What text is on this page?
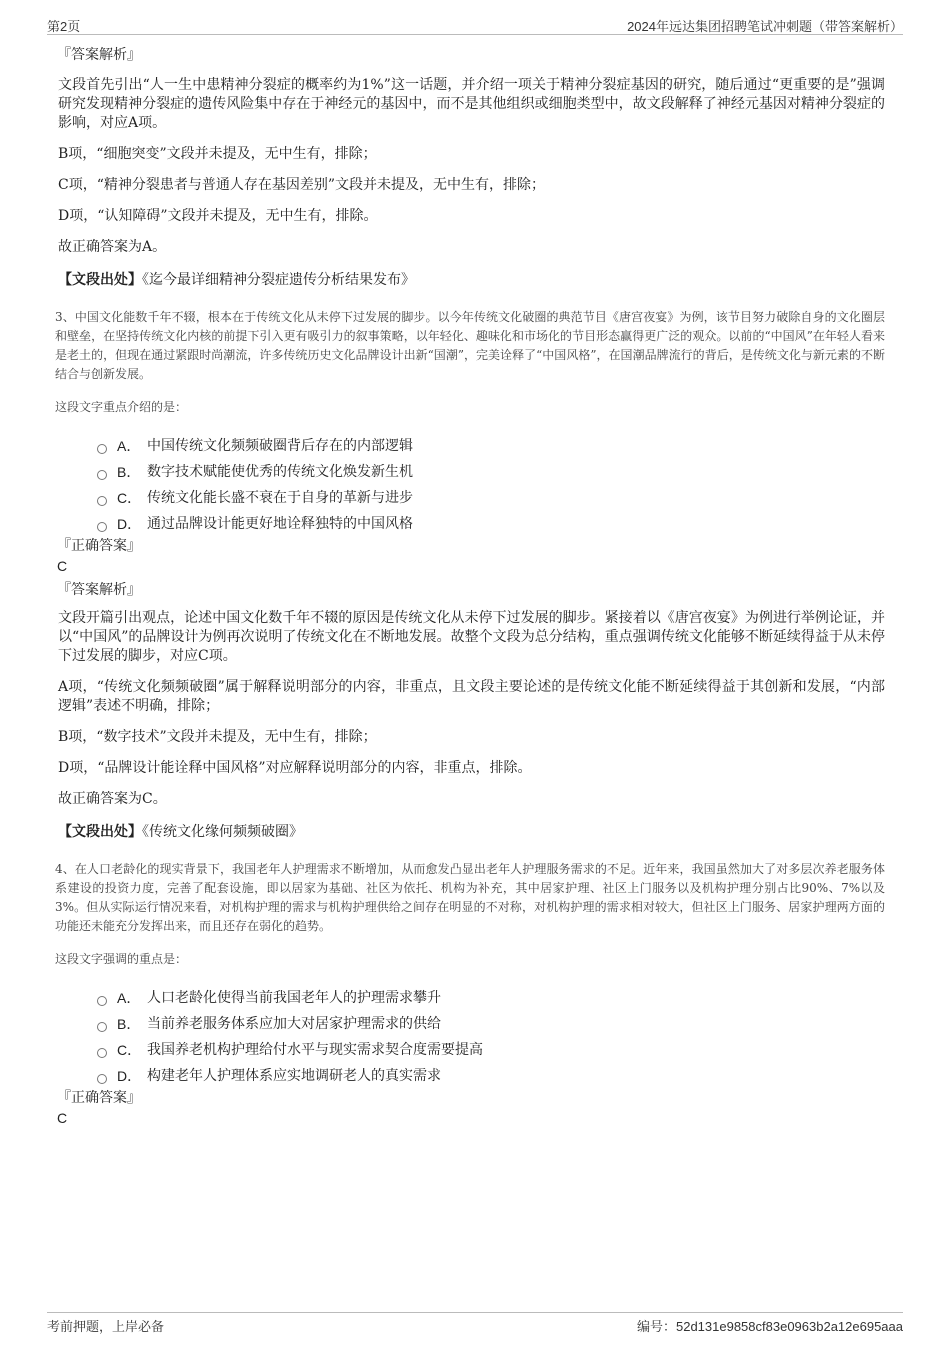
第2页	2024年远达集团招聘笔试冲刺题（带答案解析）
『答案解析』
文段首先引出“人一生中患精神分裂症的概率约为1%”这一话题，并介绍一项关于精神分裂症基因的研究，随后通过“更重要的是”强调研究发现精神分裂症的遗传风险集中存在于神经元的基因中，而不是其他组织或细胞类型中，故文段解释了神经元基因对精神分裂症的影响，对应A项。
B项，“细胞突变”文段并未提及，无中生有，排除；
C项，“精神分裂患者与普通人存在基因差别”文段并未提及，无中生有，排除；
D项，“认知障碍”文段并未提及，无中生有，排除。
故正确答案为A。
【文段出处】《迄今最详细精神分裂症遗传分析结果发布》
3、中国文化能数千年不辍，根本在于传统文化从未停下过发展的脚步。以今年传统文化破圈的典范节目《唐宫夜宴》为例，该节目努力破除自身的文化圈层和壁垒，在坚持传统文化内核的前提下引入更有吸引力的叙事策略，以年轻化、趣味化和市场化的节目形态赢得更广泛的观众。以前的“中国风”在年轻人看来是老土的，但现在通过紧跟时尚潮流，许多传统历史文化品牌设计出新“国潮”，完美诠释了“中国风格”，在国潮品牌流行的背后，是传统文化与新元素的不断结合与创新发展。
这段文字重点介绍的是：
A． 中国传统文化频频破圈背后存在的内部逻辑
B． 数字技术赋能使优秀的传统文化焕发新生机
C． 传统文化能长盛不衰在于自身的革新与进步
D． 通过品牌设计能更好地诠释独特的中国风格
『正确答案』
C
『答案解析』
文段开篇引出观点，论述中国文化数千年不辍的原因是传统文化从未停下过发展的脚步。紧接着以《唐宫夜宴》为例进行举例论证，并以“中国风”的品牌设计为例再次说明了传统文化在不断地发展。故整个文段为总分结构，重点强调传统文化能够不断延续得益于从未停下过发展的脚步，对应C项。
A项，“传统文化频频破圈”属于解释说明部分的内容，非重点，且文段主要论述的是传统文化能不断延续得益于其创新和发展，“内部逻辑”表述不明确，排除；
B项，“数字技术”文段并未提及，无中生有，排除；
D项，“品牌设计能诠释中国风格”对应解释说明部分的内容，非重点，排除。
故正确答案为C。
【文段出处】《传统文化缘何频频破圈》
4、在人口老龄化的现实背景下，我国老年人护理需求不断增加，从而愈发凸显出老年人护理服务需求的不足。近年来，我国虽然加大了对多层次养老服务体系建设的投资力度，完善了配套设施，即以居家为基础、社区为依托、机构为补充，其中居家护理、社区上门服务以及机构护理分别占比90%、7%以及3%。但从实际运行情况来看，对机构护理的需求与机构护理供给之间存在明显的不对称，对机构护理的需求相对较大，但社区上门服务、居家护理两方面的功能还未能充分发挥出来，而且还存在弱化的趋势。
这段文字强调的重点是：
A． 人口老龄化使得当前我国老年人的护理需求攀升
B． 当前养老服务体系应加大对居家护理需求的供给
C． 我国养老机构护理给付水平与现实需求契合度需要提高
D． 构建老年人护理体系应实地调研老人的真实需求
『正确答案』
C
考前押题，上岸必备	编号：52d131e9858cf83e0963b2a12e695aaa
